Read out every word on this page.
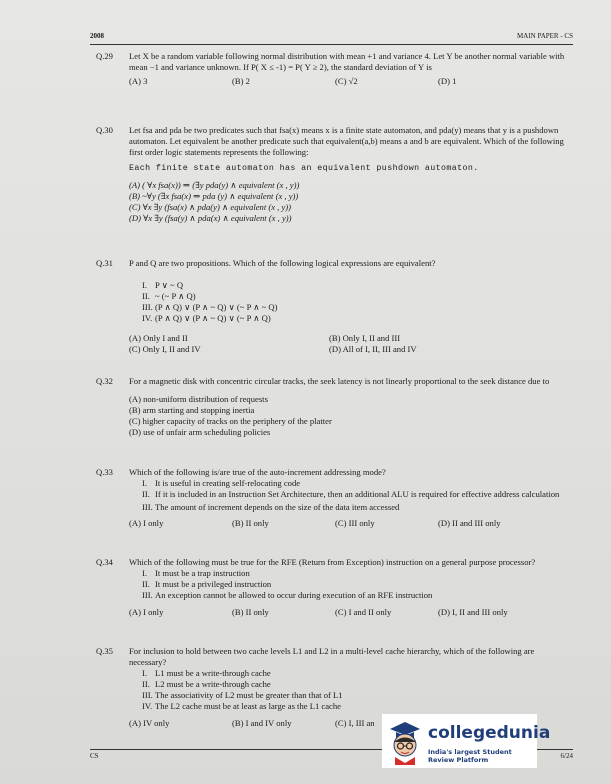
2008	MAIN PAPER - CS
Q.29	Let X be a random variable following normal distribution with mean +1 and variance 4. Let Y be another normal variable with mean −1 and variance unknown. If P( X ≤ -1) = P( Y ≥ 2), the standard deviation of Y is
(A) 3	(B) 2	(C) √2	(D) 1
Q.30	Let fsa and pda be two predicates such that fsa(x) means x is a finite state automaton, and pda(y) means that y is a pushdown automaton. Let equivalent be another predicate such that equivalent(a,b) means a and b are equivalent. Which of the following first order logic statements represents the following:
Each finite state automaton has an equivalent pushdown automaton.
(A) ( ∀x fsa(x)) ⇒ (∃y pda(y) ∧ equivalent (x , y))
(B) ~∀y (∃x fsa(x) ⇒ pda (y) ∧ equivalent (x , y))
(C) ∀x ∃y (fsa(x) ∧ pda(y) ∧ equivalent (x , y))
(D) ∀x ∃y (fsa(y) ∧ pda(x) ∧ equivalent (x , y))
Q.31	P and Q are two propositions. Which of the following logical expressions are equivalent?
I. P ∨ ~ Q
II. ~ (~ P ∧ Q)
III. (P ∧ Q) ∨ (P ∧ ~ Q) ∨ (~ P ∧ ~ Q)
IV. (P ∧ Q) ∨ (P ∧ ~ Q) ∨ (~ P ∧ Q)
(A) Only I and II	(B) Only I, II and III
(C) Only I, II and IV	(D) All of I, II, III and IV
Q.32	For a magnetic disk with concentric circular tracks, the seek latency is not linearly proportional to the seek distance due to
(A) non-uniform distribution of requests
(B) arm starting and stopping inertia
(C) higher capacity of tracks on the periphery of the platter
(D) use of unfair arm scheduling policies
Q.33	Which of the following is/are true of the auto-increment addressing mode?
I. It is useful in creating self-relocating code
II. If it is included in an Instruction Set Architecture, then an additional ALU is required for effective address calculation
III. The amount of increment depends on the size of the data item accessed
(A) I only	(B) II only	(C) III only	(D) II and III only
Q.34	Which of the following must be true for the RFE (Return from Exception) instruction on a general purpose processor?
I. It must be a trap instruction
II. It must be a privileged instruction
III. An exception cannot be allowed to occur during execution of an RFE instruction
(A) I only	(B) II only	(C) I and II only	(D) I, II and III only
Q.35	For inclusion to hold between two cache levels L1 and L2 in a multi-level cache hierarchy, which of the following are necessary?
I. L1 must be a write-through cache
II. L2 must be a write-through cache
III. The associativity of L2 must be greater than that of L1
IV. The L2 cache must be at least as large as the L1 cache
(A) IV only	(B) I and IV only	(C) I, III an
CS	6/24
collegedunia
India's largest Student Review Platform
